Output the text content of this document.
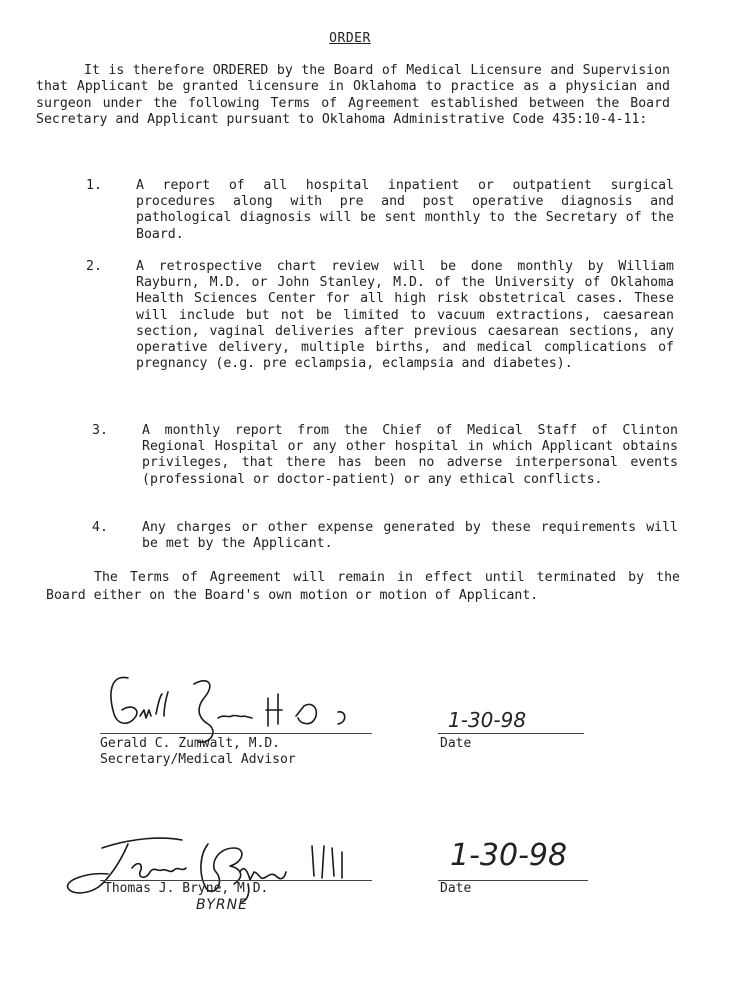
ORDER
It is therefore ORDERED by the Board of Medical Licensure and Supervision that Applicant be granted licensure in Oklahoma to practice as a physician and surgeon under the following Terms of Agreement established between the Board Secretary and Applicant pursuant to Oklahoma Administrative Code 435:10-4-11:
1.	A report of all hospital inpatient or outpatient surgical procedures along with pre and post operative diagnosis and pathological diagnosis will be sent monthly to the Secretary of the Board.
2.	A retrospective chart review will be done monthly by William Rayburn, M.D. or John Stanley, M.D. of the University of Oklahoma Health Sciences Center for all high risk obstetrical cases. These will include but not be limited to vacuum extractions, caesarean section, vaginal deliveries after previous caesarean sections, any operative delivery, multiple births, and medical complications of pregnancy (e.g. pre eclampsia, eclampsia and diabetes).
3.	A monthly report from the Chief of Medical Staff of Clinton Regional Hospital or any other hospital in which Applicant obtains privileges, that there has been no adverse interpersonal events (professional or doctor-patient) or any ethical conflicts.
4.	Any charges or other expense generated by these requirements will be met by the Applicant.
The Terms of Agreement will remain in effect until terminated by the Board either on the Board's own motion or motion of Applicant.
Gerald C. Zumwalt, M.D.
Secretary/Medical Advisor
1-30-98
Date
Thomas J. Bryne, M.D.
BYRNE
1-30-98
Date
